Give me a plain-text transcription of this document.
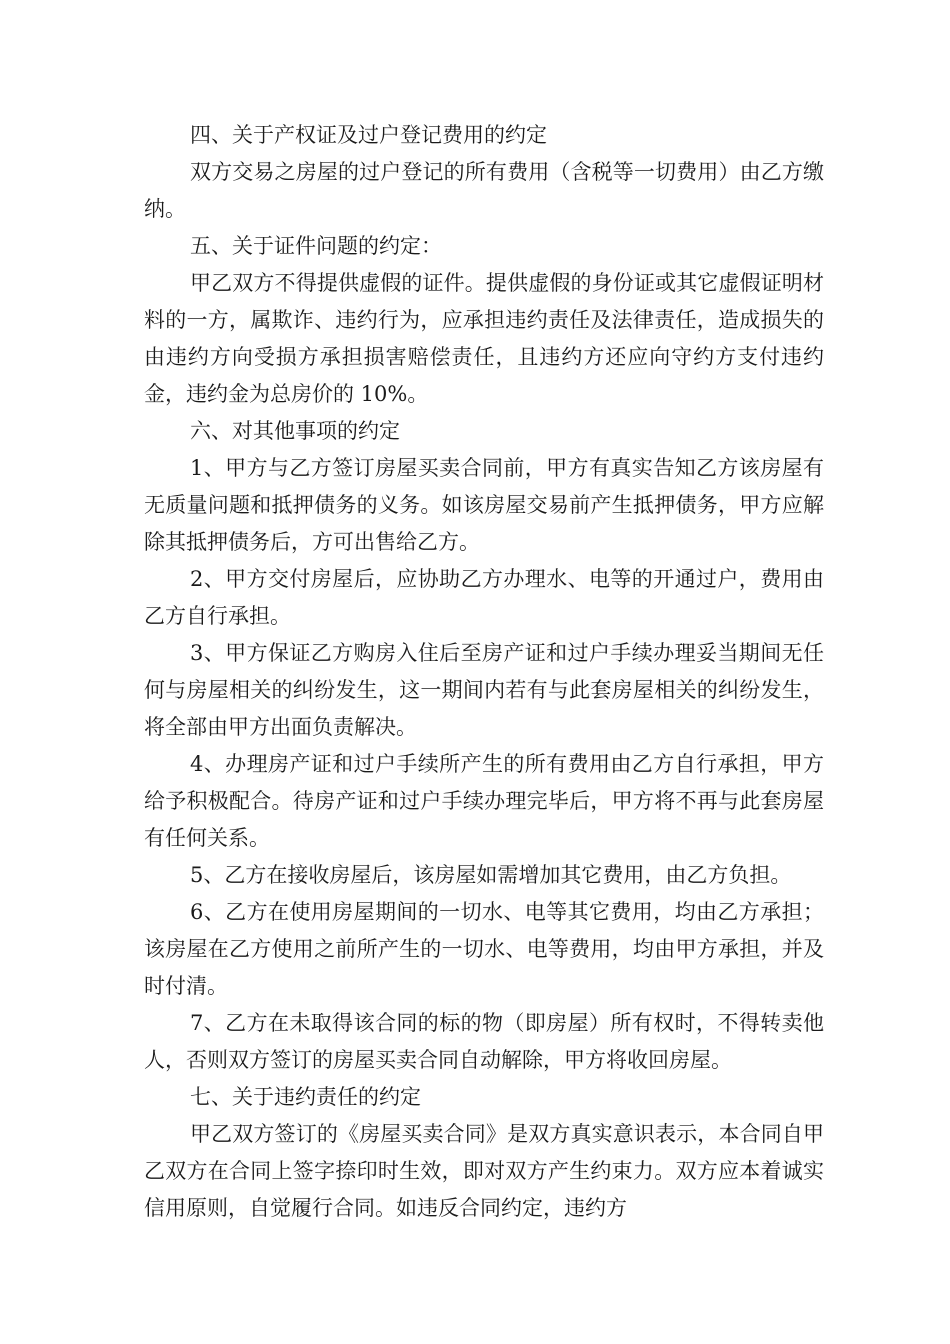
四、关于产权证及过户登记费用的约定

双方交易之房屋的过户登记的所有费用（含税等一切费用）由乙方缴纳。

五、关于证件问题的约定：

甲乙双方不得提供虚假的证件。提供虚假的身份证或其它虚假证明材料的一方，属欺诈、违约行为，应承担违约责任及法律责任，造成损失的由违约方向受损方承担损害赔偿责任，且违约方还应向守约方支付违约金，违约金为总房价的 10%。

六、对其他事项的约定

1、甲方与乙方签订房屋买卖合同前，甲方有真实告知乙方该房屋有无质量问题和抵押债务的义务。如该房屋交易前产生抵押债务，甲方应解除其抵押债务后，方可出售给乙方。

2、甲方交付房屋后，应协助乙方办理水、电等的开通过户，费用由乙方自行承担。

3、甲方保证乙方购房入住后至房产证和过户手续办理妥当期间无任何与房屋相关的纠纷发生，这一期间内若有与此套房屋相关的纠纷发生，将全部由甲方出面负责解决。

4、办理房产证和过户手续所产生的所有费用由乙方自行承担，甲方给予积极配合。待房产证和过户手续办理完毕后，甲方将不再与此套房屋有任何关系。

5、乙方在接收房屋后，该房屋如需增加其它费用，由乙方负担。

6、乙方在使用房屋期间的一切水、电等其它费用，均由乙方承担；该房屋在乙方使用之前所产生的一切水、电等费用，均由甲方承担，并及时付清。

7、乙方在未取得该合同的标的物（即房屋）所有权时，不得转卖他人，否则双方签订的房屋买卖合同自动解除，甲方将收回房屋。

七、关于违约责任的约定

甲乙双方签订的《房屋买卖合同》是双方真实意识表示，本合同自甲乙双方在合同上签字捺印时生效，即对双方产生约束力。双方应本着诚实信用原则，自觉履行合同。如违反合同约定，违约方
